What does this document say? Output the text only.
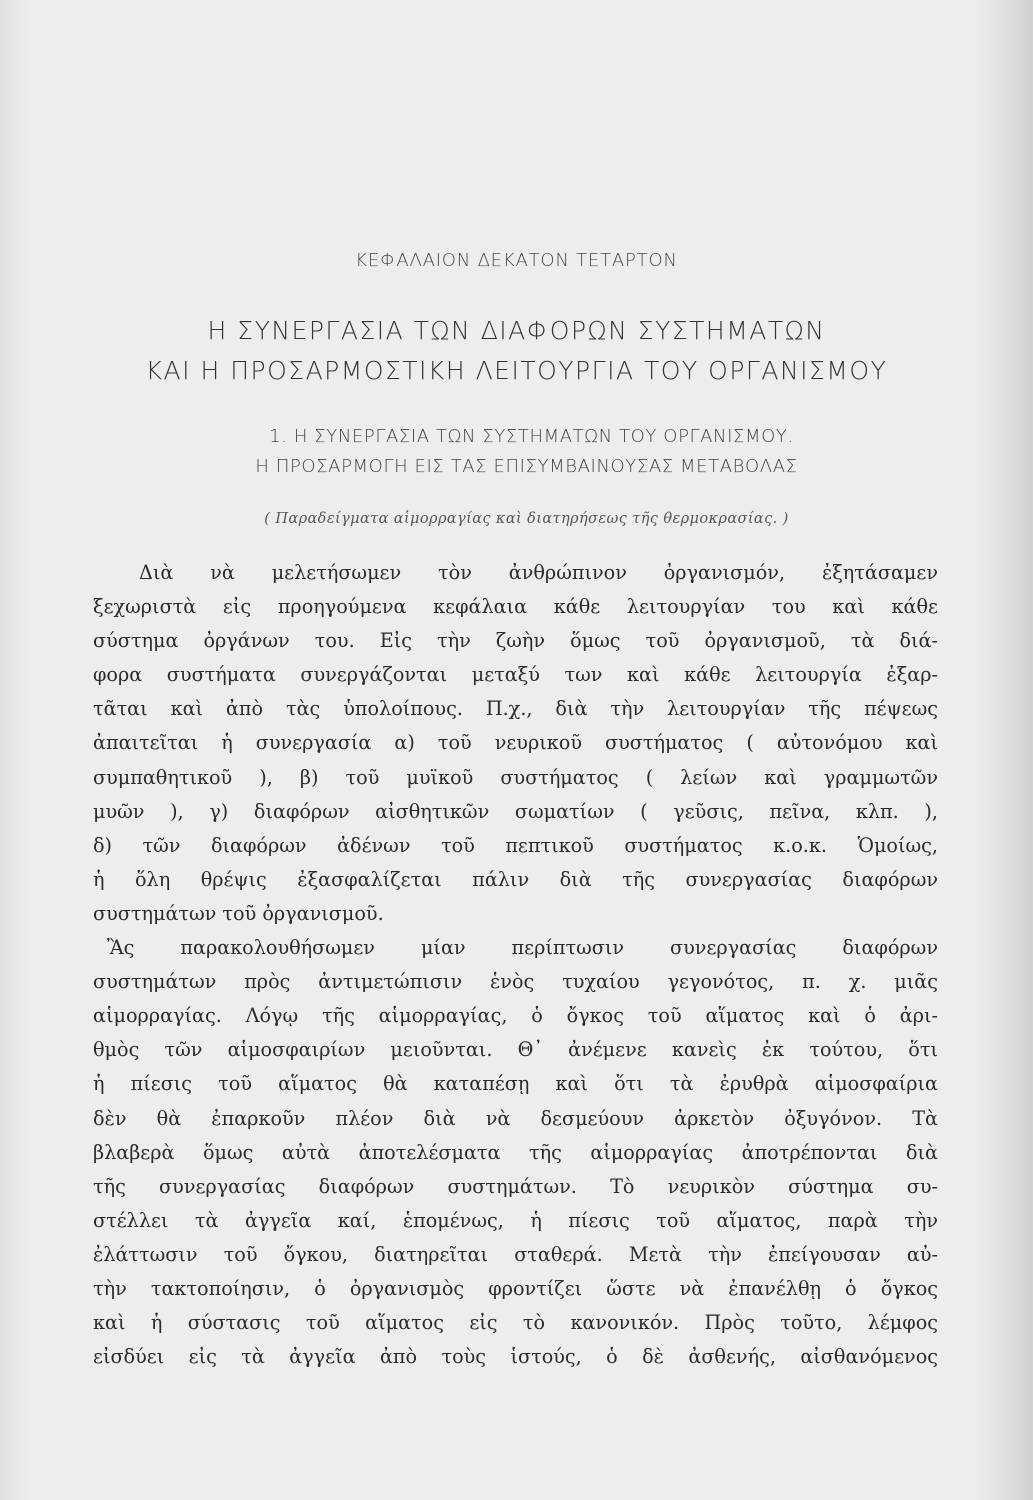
ΚΕΦΑΛΑΙΟΝ ΔΕΚΑΤΟΝ ΤΕΤΑΡΤΟΝ
Η ΣΥΝΕΡΓΑΣΙΑ ΤΩΝ ΔΙΑΦΟΡΩΝ ΣΥΣΤΗΜΑΤΩΝ
ΚΑΙ Η ΠΡΟΣΑΡΜΟΣΤΙΚΗ ΛΕΙΤΟΥΡΓΙΑ ΤΟΥ ΟΡΓΑΝΙΣΜΟΥ
1. Η ΣΥΝΕΡΓΑΣΙΑ ΤΩΝ ΣΥΣΤΗΜΑΤΩΝ ΤΟΥ ΟΡΓΑΝΙΣΜΟΥ.
Η ΠΡΟΣΑΡΜΟΓΗ ΕΙΣ ΤΑΣ ΕΠΙΣΥΜΒΑΙΝΟΥΣΑΣ ΜΕΤΑΒΟΛΑΣ
( Παραδείγματα αἱμορραγίας καὶ διατηρήσεως τῆς θερμοκρασίας. )
Διὰ νὰ μελετήσωμεν τὸν ἀνθρώπινον ὀργανισμόν, ἐξητάσαμεν
ξεχωριστὰ εἰς προηγούμενα κεφάλαια κάθε λειτουργίαν του καὶ κάθε
σύστημα ὀργάνων του. Εἰς τὴν ζωὴν ὅμως τοῦ ὀργανισμοῦ, τὰ διά-
φορα συστήματα συνεργάζονται μεταξύ των καὶ κάθε λειτουργία ἐξαρ-
τᾶται καὶ ἀπὸ τὰς ὑπολοίπους. Π.χ., διὰ τὴν λειτουργίαν τῆς πέψεως
ἀπαιτεῖται ἡ συνεργασία α) τοῦ νευρικοῦ συστήματος ( αὐτονόμου καὶ
συμπαθητικοῦ ), β) τοῦ μυϊκοῦ συστήματος ( λείων καὶ γραμμωτῶν
μυῶν ), γ) διαφόρων αἰσθητικῶν σωματίων ( γεῦσις, πεῖνα, κλπ. ),
δ) τῶν διαφόρων ἀδένων τοῦ πεπτικοῦ συστήματος κ.ο.κ. Ὁμοίως,
ἡ ὅλη θρέψις ἐξασφαλίζεται πάλιν διὰ τῆς συνεργασίας διαφόρων
συστημάτων τοῦ ὀργανισμοῦ.
Ἂς παρακολουθήσωμεν μίαν περίπτωσιν συνεργασίας διαφόρων
συστημάτων πρὸς ἀντιμετώπισιν ἑνὸς τυχαίου γεγονότος, π. χ. μιᾶς
αἱμορραγίας. Λόγῳ τῆς αἱμορραγίας, ὁ ὄγκος τοῦ αἵματος καὶ ὁ ἀρι-
θμὸς τῶν αἱμοσφαιρίων μειοῦνται. Θ᾽ ἀνέμενε κανεὶς ἐκ τούτου, ὅτι
ἡ πίεσις τοῦ αἵματος θὰ καταπέσῃ καὶ ὅτι τὰ ἐρυθρὰ αἱμοσφαίρια
δὲν θὰ ἐπαρκοῦν πλέον διὰ νὰ δεσμεύουν ἀρκετὸν ὀξυγόνον. Τὰ
βλαβερὰ ὅμως αὐτὰ ἀποτελέσματα τῆς αἱμορραγίας ἀποτρέπονται διὰ
τῆς συνεργασίας διαφόρων συστημάτων. Τὸ νευρικὸν σύστημα συ-
στέλλει τὰ ἀγγεῖα καί, ἑπομένως, ἡ πίεσις τοῦ αἵματος, παρὰ τὴν
ἐλάττωσιν τοῦ ὄγκου, διατηρεῖται σταθερά. Μετὰ τὴν ἐπείγουσαν αὐ-
τὴν τακτοποίησιν, ὁ ὀργανισμὸς φροντίζει ὥστε νὰ ἐπανέλθῃ ὁ ὄγκος
καὶ ἡ σύστασις τοῦ αἵματος εἰς τὸ κανονικόν. Πρὸς τοῦτο, λέμφος
εἰσδύει εἰς τὰ ἀγγεῖα ἀπὸ τοὺς ἱστούς, ὁ δὲ ἀσθενής, αἰσθανόμενος
